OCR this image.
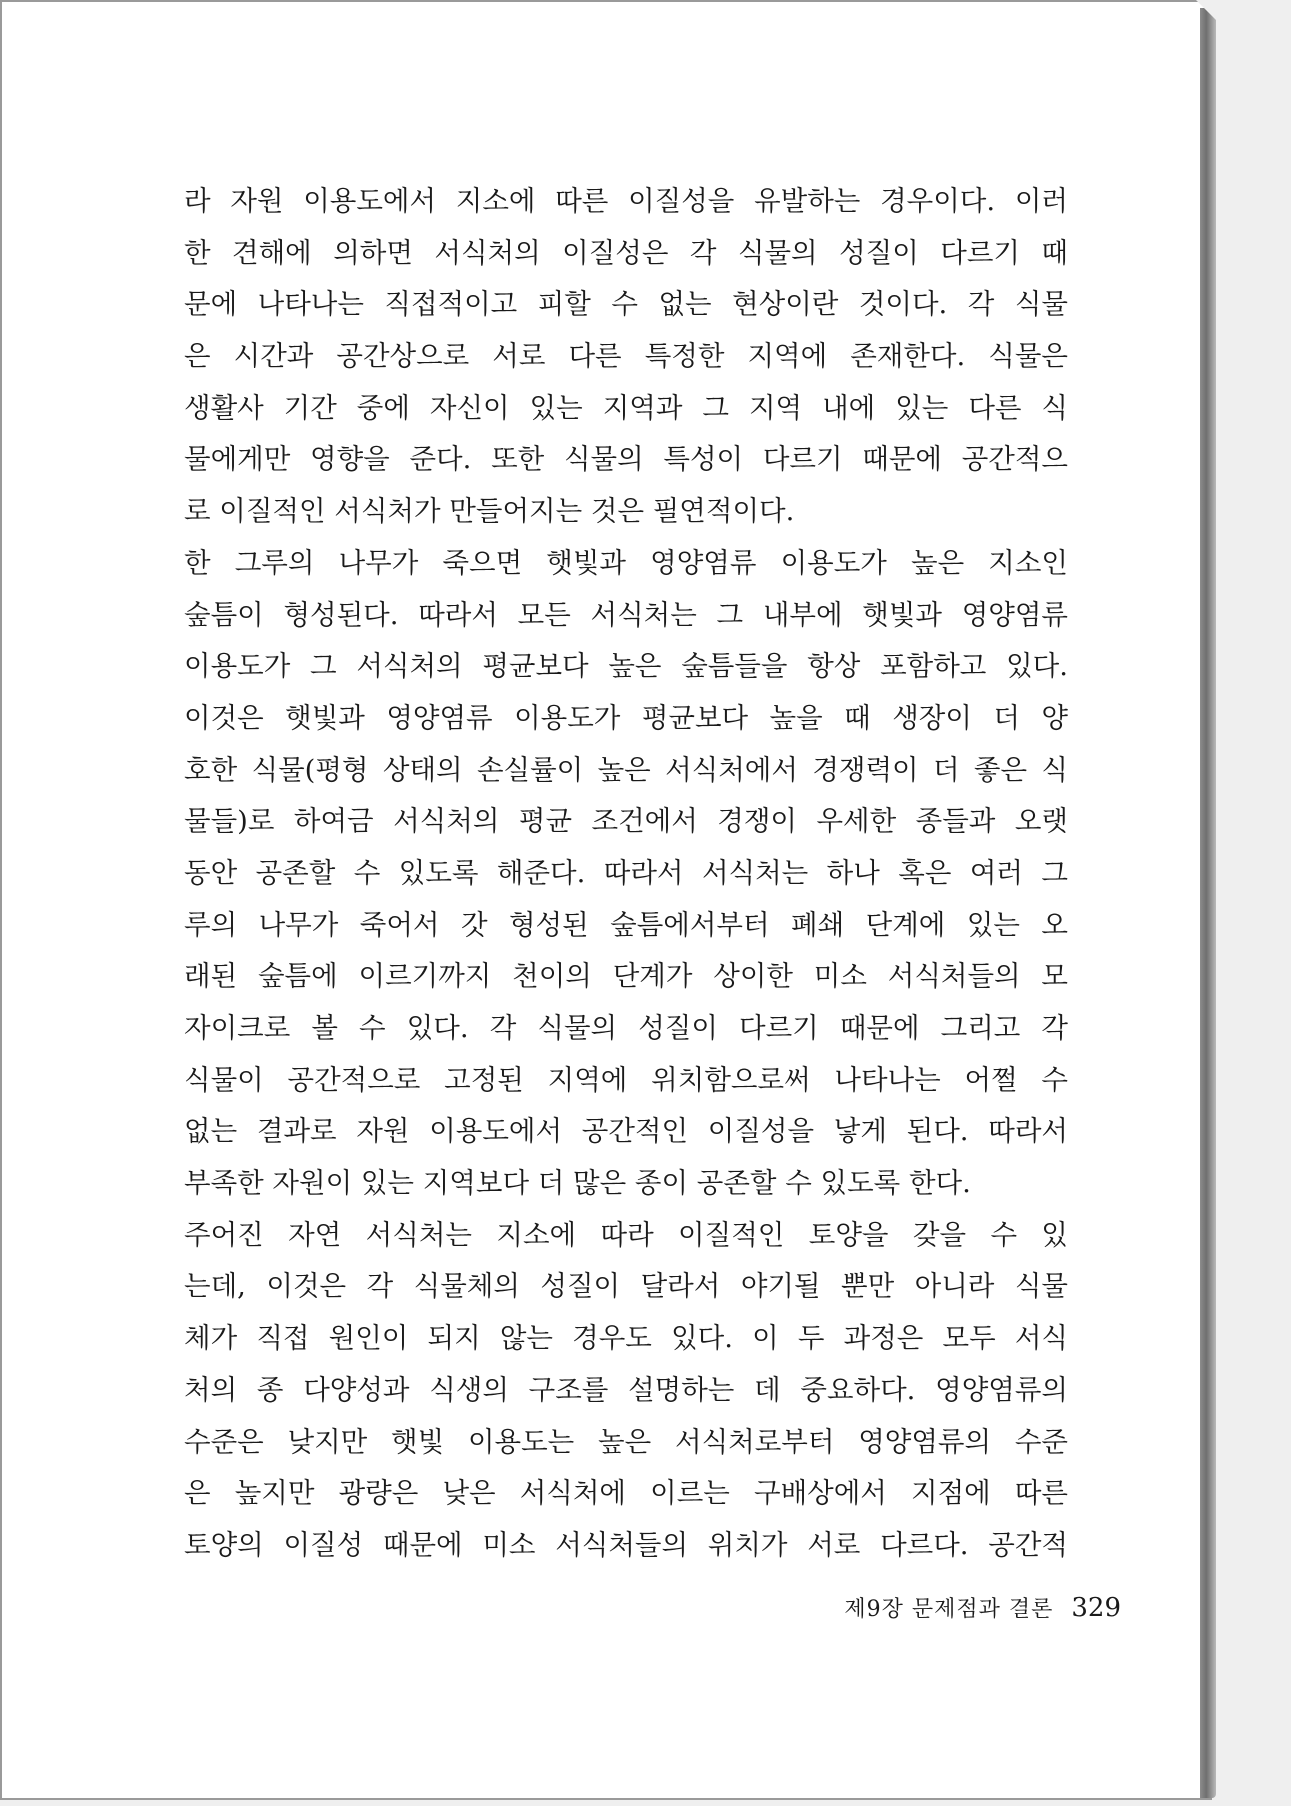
라 자원 이용도에서 지소에 따른 이질성을 유발하는 경우이다. 이러
한 견해에 의하면 서식처의 이질성은 각 식물의 성질이 다르기 때
문에 나타나는 직접적이고 피할 수 없는 현상이란 것이다. 각 식물
은 시간과 공간상으로 서로 다른 특정한 지역에 존재한다. 식물은
생활사 기간 중에 자신이 있는 지역과 그 지역 내에 있는 다른 식
물에게만 영향을 준다. 또한 식물의 특성이 다르기 때문에 공간적으
로 이질적인 서식처가 만들어지는 것은 필연적이다.
한 그루의 나무가 죽으면 햇빛과 영양염류 이용도가 높은 지소인
숲틈이 형성된다. 따라서 모든 서식처는 그 내부에 햇빛과 영양염류
이용도가 그 서식처의 평균보다 높은 숲틈들을 항상 포함하고 있다.
이것은 햇빛과 영양염류 이용도가 평균보다 높을 때 생장이 더 양
호한 식물(평형 상태의 손실률이 높은 서식처에서 경쟁력이 더 좋은 식
물들)로 하여금 서식처의 평균 조건에서 경쟁이 우세한 종들과 오랫
동안 공존할 수 있도록 해준다. 따라서 서식처는 하나 혹은 여러 그
루의 나무가 죽어서 갓 형성된 숲틈에서부터 폐쇄 단계에 있는 오
래된 숲틈에 이르기까지 천이의 단계가 상이한 미소 서식처들의 모
자이크로 볼 수 있다. 각 식물의 성질이 다르기 때문에 그리고 각
식물이 공간적으로 고정된 지역에 위치함으로써 나타나는 어쩔 수
없는 결과로 자원 이용도에서 공간적인 이질성을 낳게 된다. 따라서
부족한 자원이 있는 지역보다 더 많은 종이 공존할 수 있도록 한다.
주어진 자연 서식처는 지소에 따라 이질적인 토양을 갖을 수 있
는데, 이것은 각 식물체의 성질이 달라서 야기될 뿐만 아니라 식물
체가 직접 원인이 되지 않는 경우도 있다. 이 두 과정은 모두 서식
처의 종 다양성과 식생의 구조를 설명하는 데 중요하다. 영양염류의
수준은 낮지만 햇빛 이용도는 높은 서식처로부터 영양염류의 수준
은 높지만 광량은 낮은 서식처에 이르는 구배상에서 지점에 따른
토양의 이질성 때문에 미소 서식처들의 위치가 서로 다르다. 공간적
제9장 문제점과 결론 329
